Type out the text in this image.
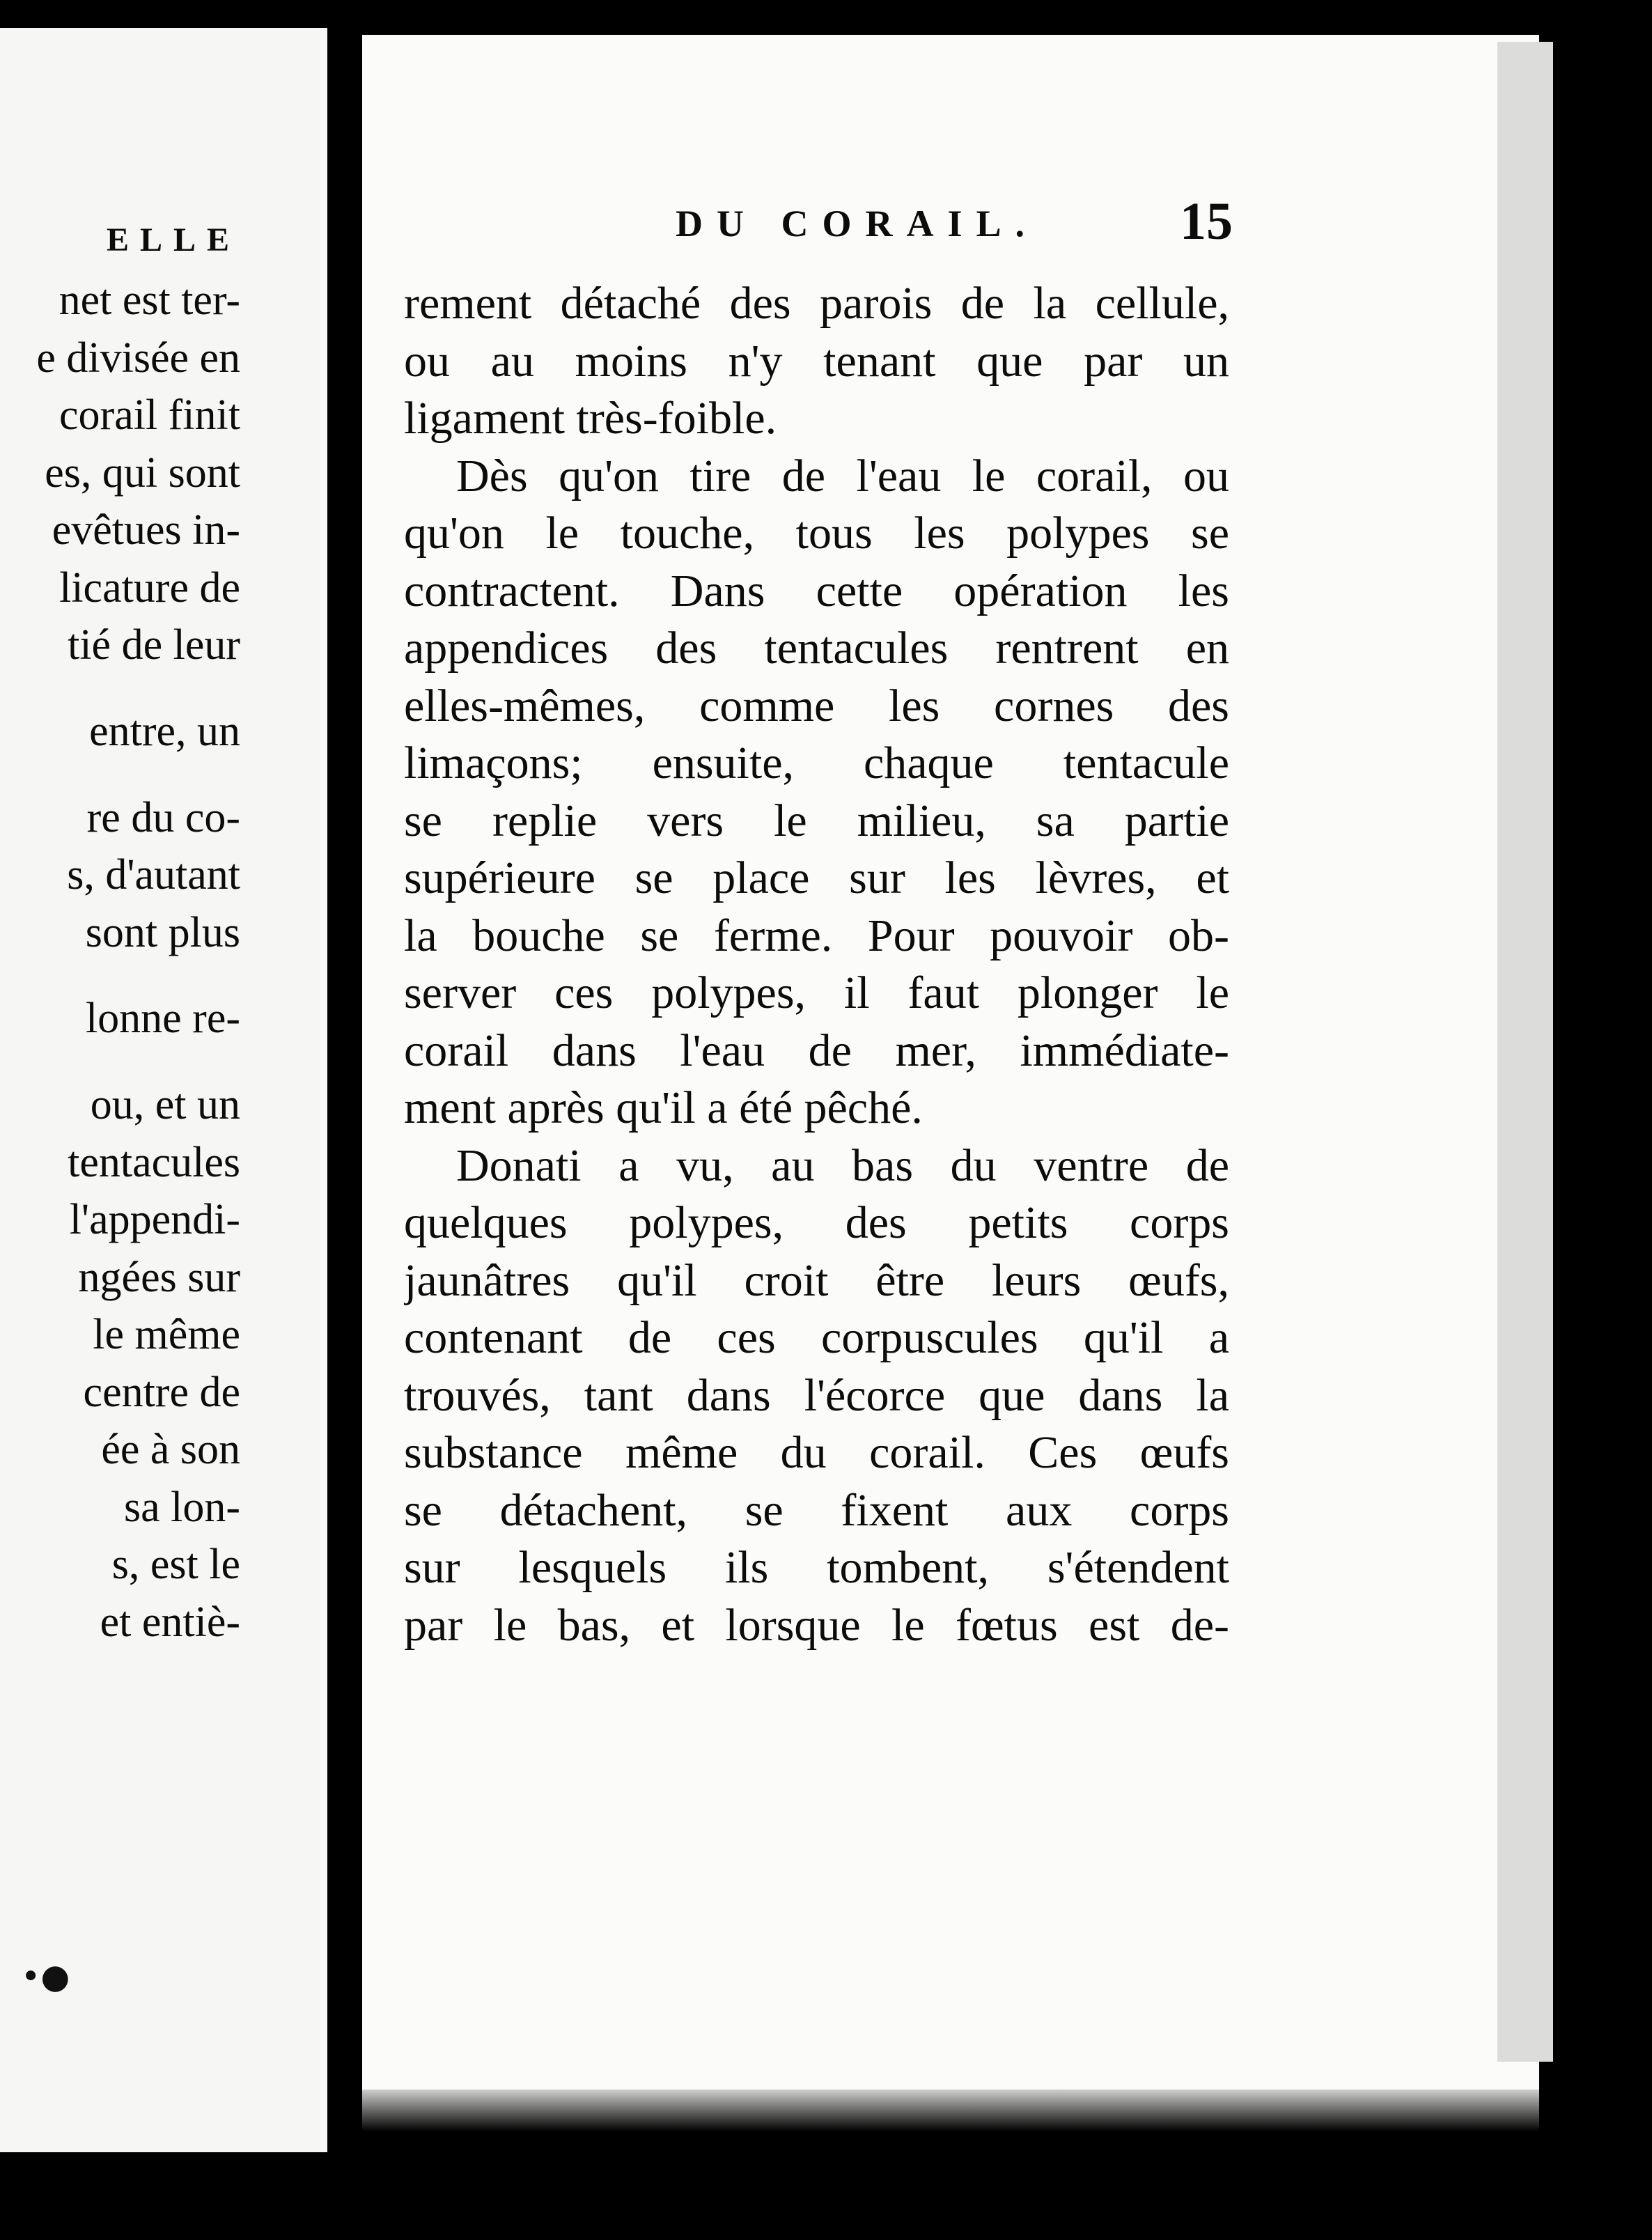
ELLE
net est ter-
e divisée en
corail finit
es, qui sont
evêtues in-
licature de
tié de leur
entre, un
re du co-
s, d'autant
sont plus
lonne re-
ou, et un
tentacules
l'appendi-
ngées sur
le même
centre de
ée à son
sa lon-
s, est le
et entiè-
•●
DU CORAIL.	15
rement détaché des parois de la cellule,
ou au moins n'y tenant que par un
ligament très-foible.
Dès qu'on tire de l'eau le corail, ou
qu'on le touche, tous les polypes se
contractent. Dans cette opération les
appendices des tentacules rentrent en
elles-mêmes, comme les cornes des
limaçons; ensuite, chaque tentacule
se replie vers le milieu, sa partie
supérieure se place sur les lèvres, et
la bouche se ferme. Pour pouvoir ob-
server ces polypes, il faut plonger le
corail dans l'eau de mer, immédiate-
ment après qu'il a été pêché.
Donati a vu, au bas du ventre de
quelques polypes, des petits corps
jaunâtres qu'il croit être leurs œufs,
contenant de ces corpuscules qu'il a
trouvés, tant dans l'écorce que dans la
substance même du corail. Ces œufs
se détachent, se fixent aux corps
sur lesquels ils tombent, s'étendent
par le bas, et lorsque le fœtus est de-
